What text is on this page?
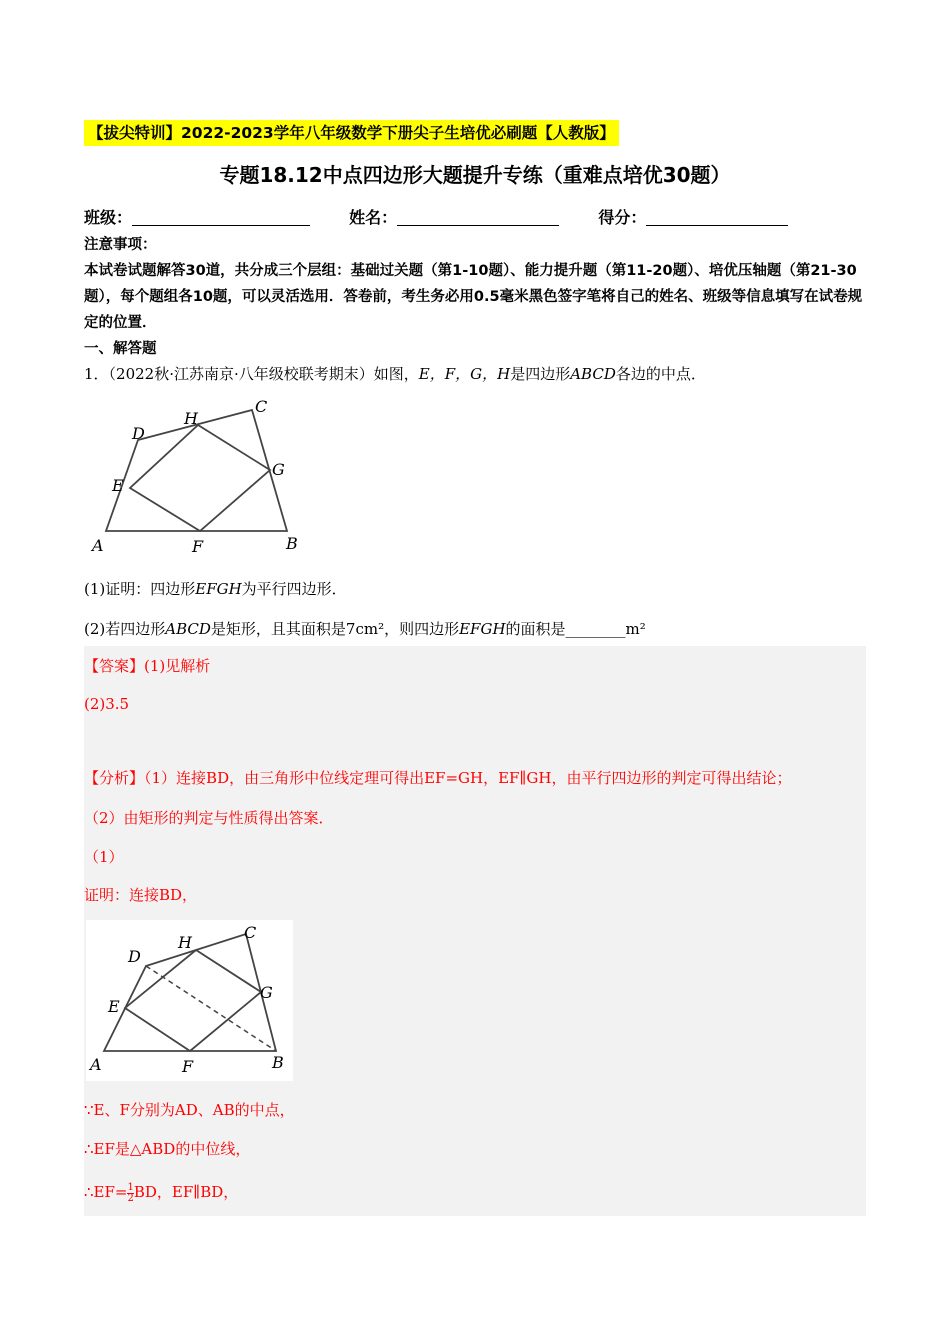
【拔尖特训】2022-2023学年八年级数学下册尖子生培优必刷题【人教版】
专题18.12中点四边形大题提升专练（重难点培优30题）
班级：	姓名：	得分：

注意事项：

本试卷试题解答30道，共分成三个层组：基础过关题（第1-10题）、能力提升题（第11-20题）、培优压轴题（第21-30题），每个题组各10题，可以灵活选用．答卷前，考生务必用0.5毫米黑色签字笔将自己的姓名、班级等信息填写在试卷规定的位置．

一、解答题

1．（2022秋·江苏南京·八年级校联考期末）如图，E，F，G，H是四边形ABCD各边的中点．
A	B
C
D
E
F
G
H
(1)证明：四边形EFGH为平行四边形．
(2)若四边形ABCD是矩形，且其面积是7cm²，则四边形EFGH的面积是________m²
【答案】(1)见解析
(2)3.5
【分析】（1）连接BD，由三角形中位线定理可得出EF=GH，EF∥GH，由平行四边形的判定可得出结论；
（2）由矩形的判定与性质得出答案．
（1）
证明：连接BD，
A	B
C
D
E
F
G
H
∵E、F分别为AD、AB的中点，
∴EF是△ABD的中位线，
∴EF= $\frac{1}{2}$ BD，EF∥BD，
